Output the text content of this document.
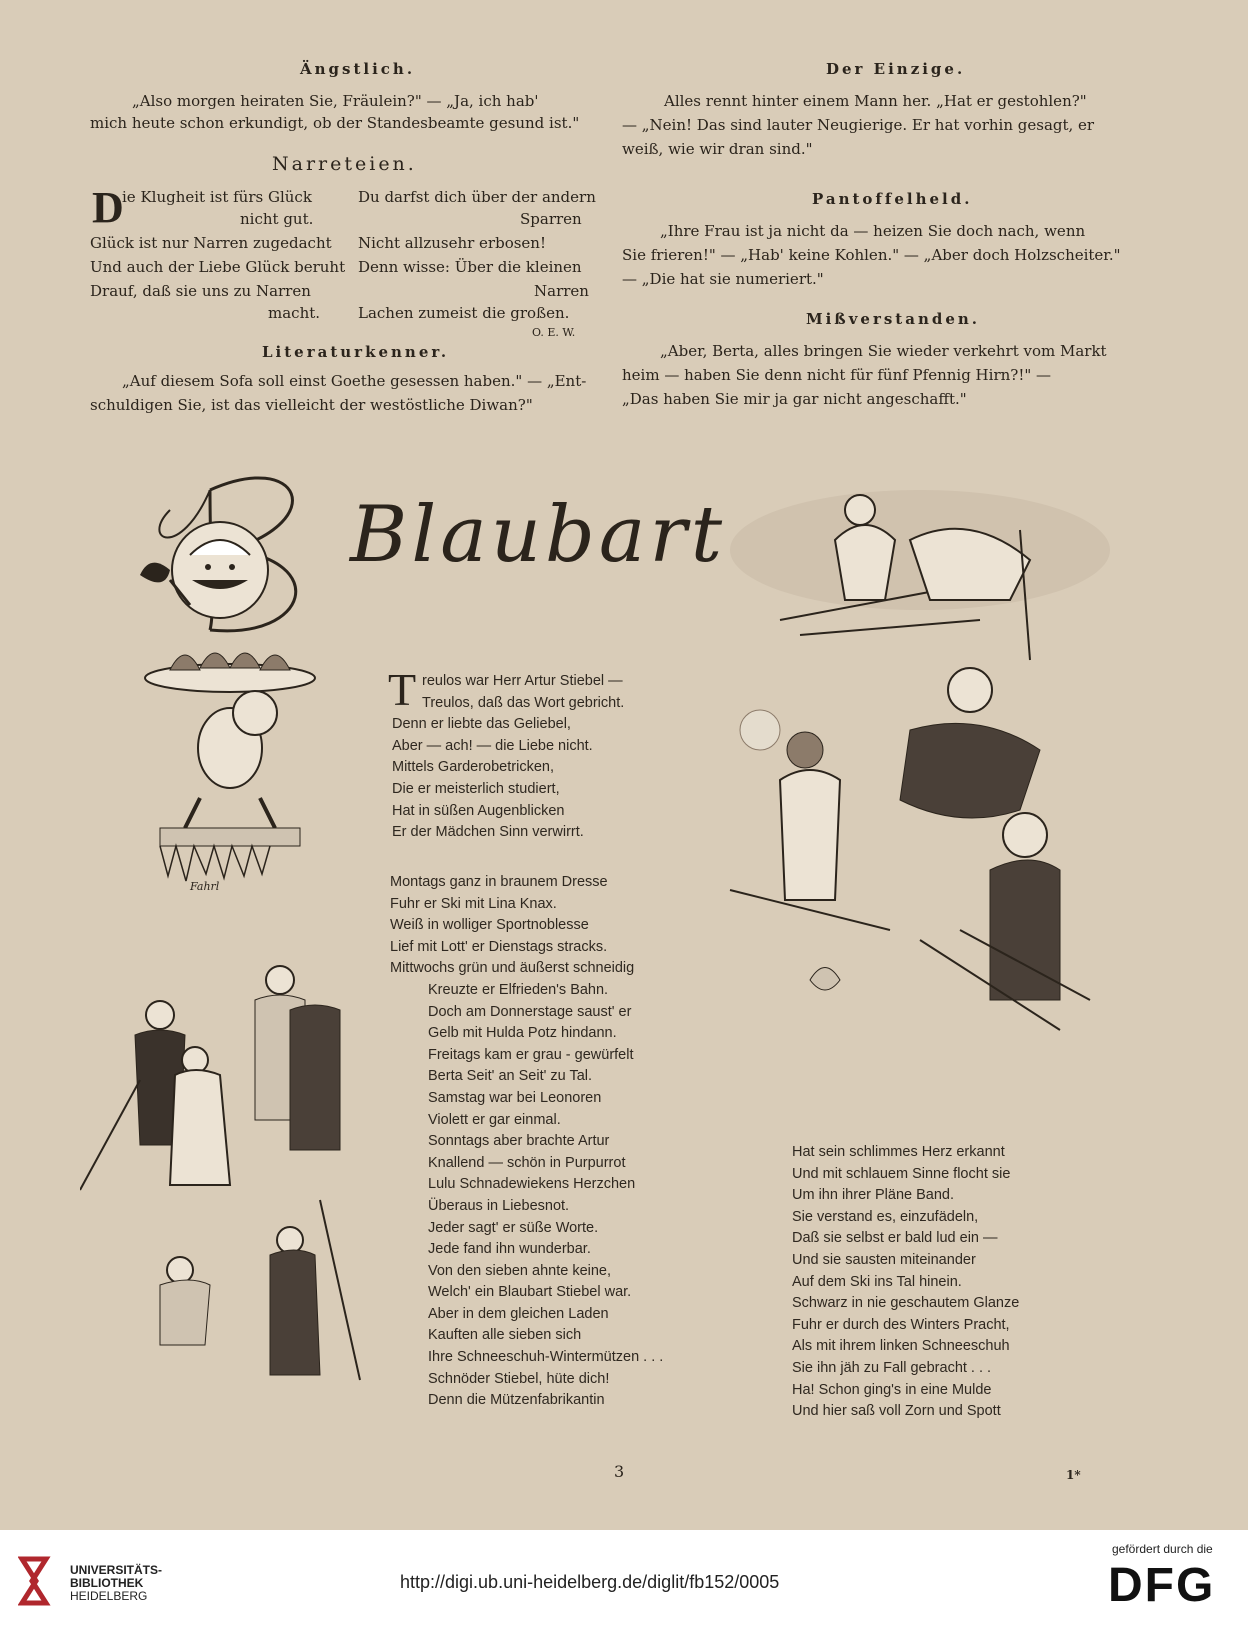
Ängstlich.
„Also morgen heiraten Sie, Fräulein?" — „Ja, ich hab'
mich heute schon erkundigt, ob der Standesbeamte gesund ist."
Narreteien.
D
ie Klugheit ist fürs Glück
nicht gut.
Glück ist nur Narren zugedacht
Und auch der Liebe Glück beruht
Drauf, daß sie uns zu Narren
macht.
Du darfst dich über der andern
Sparren
Nicht allzusehr erbosen!
Denn wisse: Über die kleinen
Narren
Lachen zumeist die großen.
O. E. W.
Literaturkenner.
„Auf diesem Sofa soll einst Goethe gesessen haben." — „Ent-
schuldigen Sie, ist das vielleicht der westöstliche Diwan?"
Der Einzige.
Alles rennt hinter einem Mann her. „Hat er gestohlen?"
— „Nein! Das sind lauter Neugierige. Er hat vorhin gesagt, er
weiß, wie wir dran sind."
Pantoffelheld.
„Ihre Frau ist ja nicht da — heizen Sie doch nach, wenn
Sie frieren!" — „Hab' keine Kohlen." — „Aber doch Holzscheiter."
— „Die hat sie numeriert."
Mißverstanden.
„Aber, Berta, alles bringen Sie wieder verkehrt vom Markt
heim — haben Sie denn nicht für fünf Pfennig Hirn?!" —
„Das haben Sie mir ja gar nicht angeschafft."
Blaubart
Fahrl
T reulos war Herr Artur Stiebel —
Treulos, daß das Wort gebricht.
Denn er liebte das Geliebel,
Aber — ach! — die Liebe nicht.
Mittels Garderobetricken,
Die er meisterlich studiert,
Hat in süßen Augenblicken
Er der Mädchen Sinn verwirrt.
Montags ganz in braunem Dresse
Fuhr er Ski mit Lina Knax.
Weiß in wolliger Sportnoblesse
Lief mit Lott' er Dienstags stracks.
Mittwochs grün und äußerst schneidig
Kreuzte er Elfrieden's Bahn.
Doch am Donnerstage saust' er
Gelb mit Hulda Potz hindann.
Freitags kam er grau - gewürfelt
Berta Seit' an Seit' zu Tal.
Samstag war bei Leonoren
Violett er gar einmal.
Sonntags aber brachte Artur
Knallend — schön in Purpurrot
Lulu Schnadewiekens Herzchen
Überaus in Liebesnot.
Jeder sagt' er süße Worte.
Jede fand ihn wunderbar.
Von den sieben ahnte keine,
Welch' ein Blaubart Stiebel war.
Aber in dem gleichen Laden
Kauften alle sieben sich
Ihre Schneeschuh-Wintermützen . . .
Schnöder Stiebel, hüte dich!
Denn die Mützenfabrikantin
Hat sein schlimmes Herz erkannt
Und mit schlauem Sinne flocht sie
Um ihn ihrer Pläne Band.
Sie verstand es, einzufädeln,
Daß sie selbst er bald lud ein —
Und sie sausten miteinander
Auf dem Ski ins Tal hinein.
Schwarz in nie geschautem Glanze
Fuhr er durch des Winters Pracht,
Als mit ihrem linken Schneeschuh
Sie ihn jäh zu Fall gebracht . . .
Ha! Schon ging's in eine Mulde
Und hier saß voll Zorn und Spott
3	1*
UNIVERSITÄTS-
BIBLIOTHEK
HEIDELBERG
http://digi.ub.uni-heidelberg.de/diglit/fb152/0005
gefördert durch die
DFG
